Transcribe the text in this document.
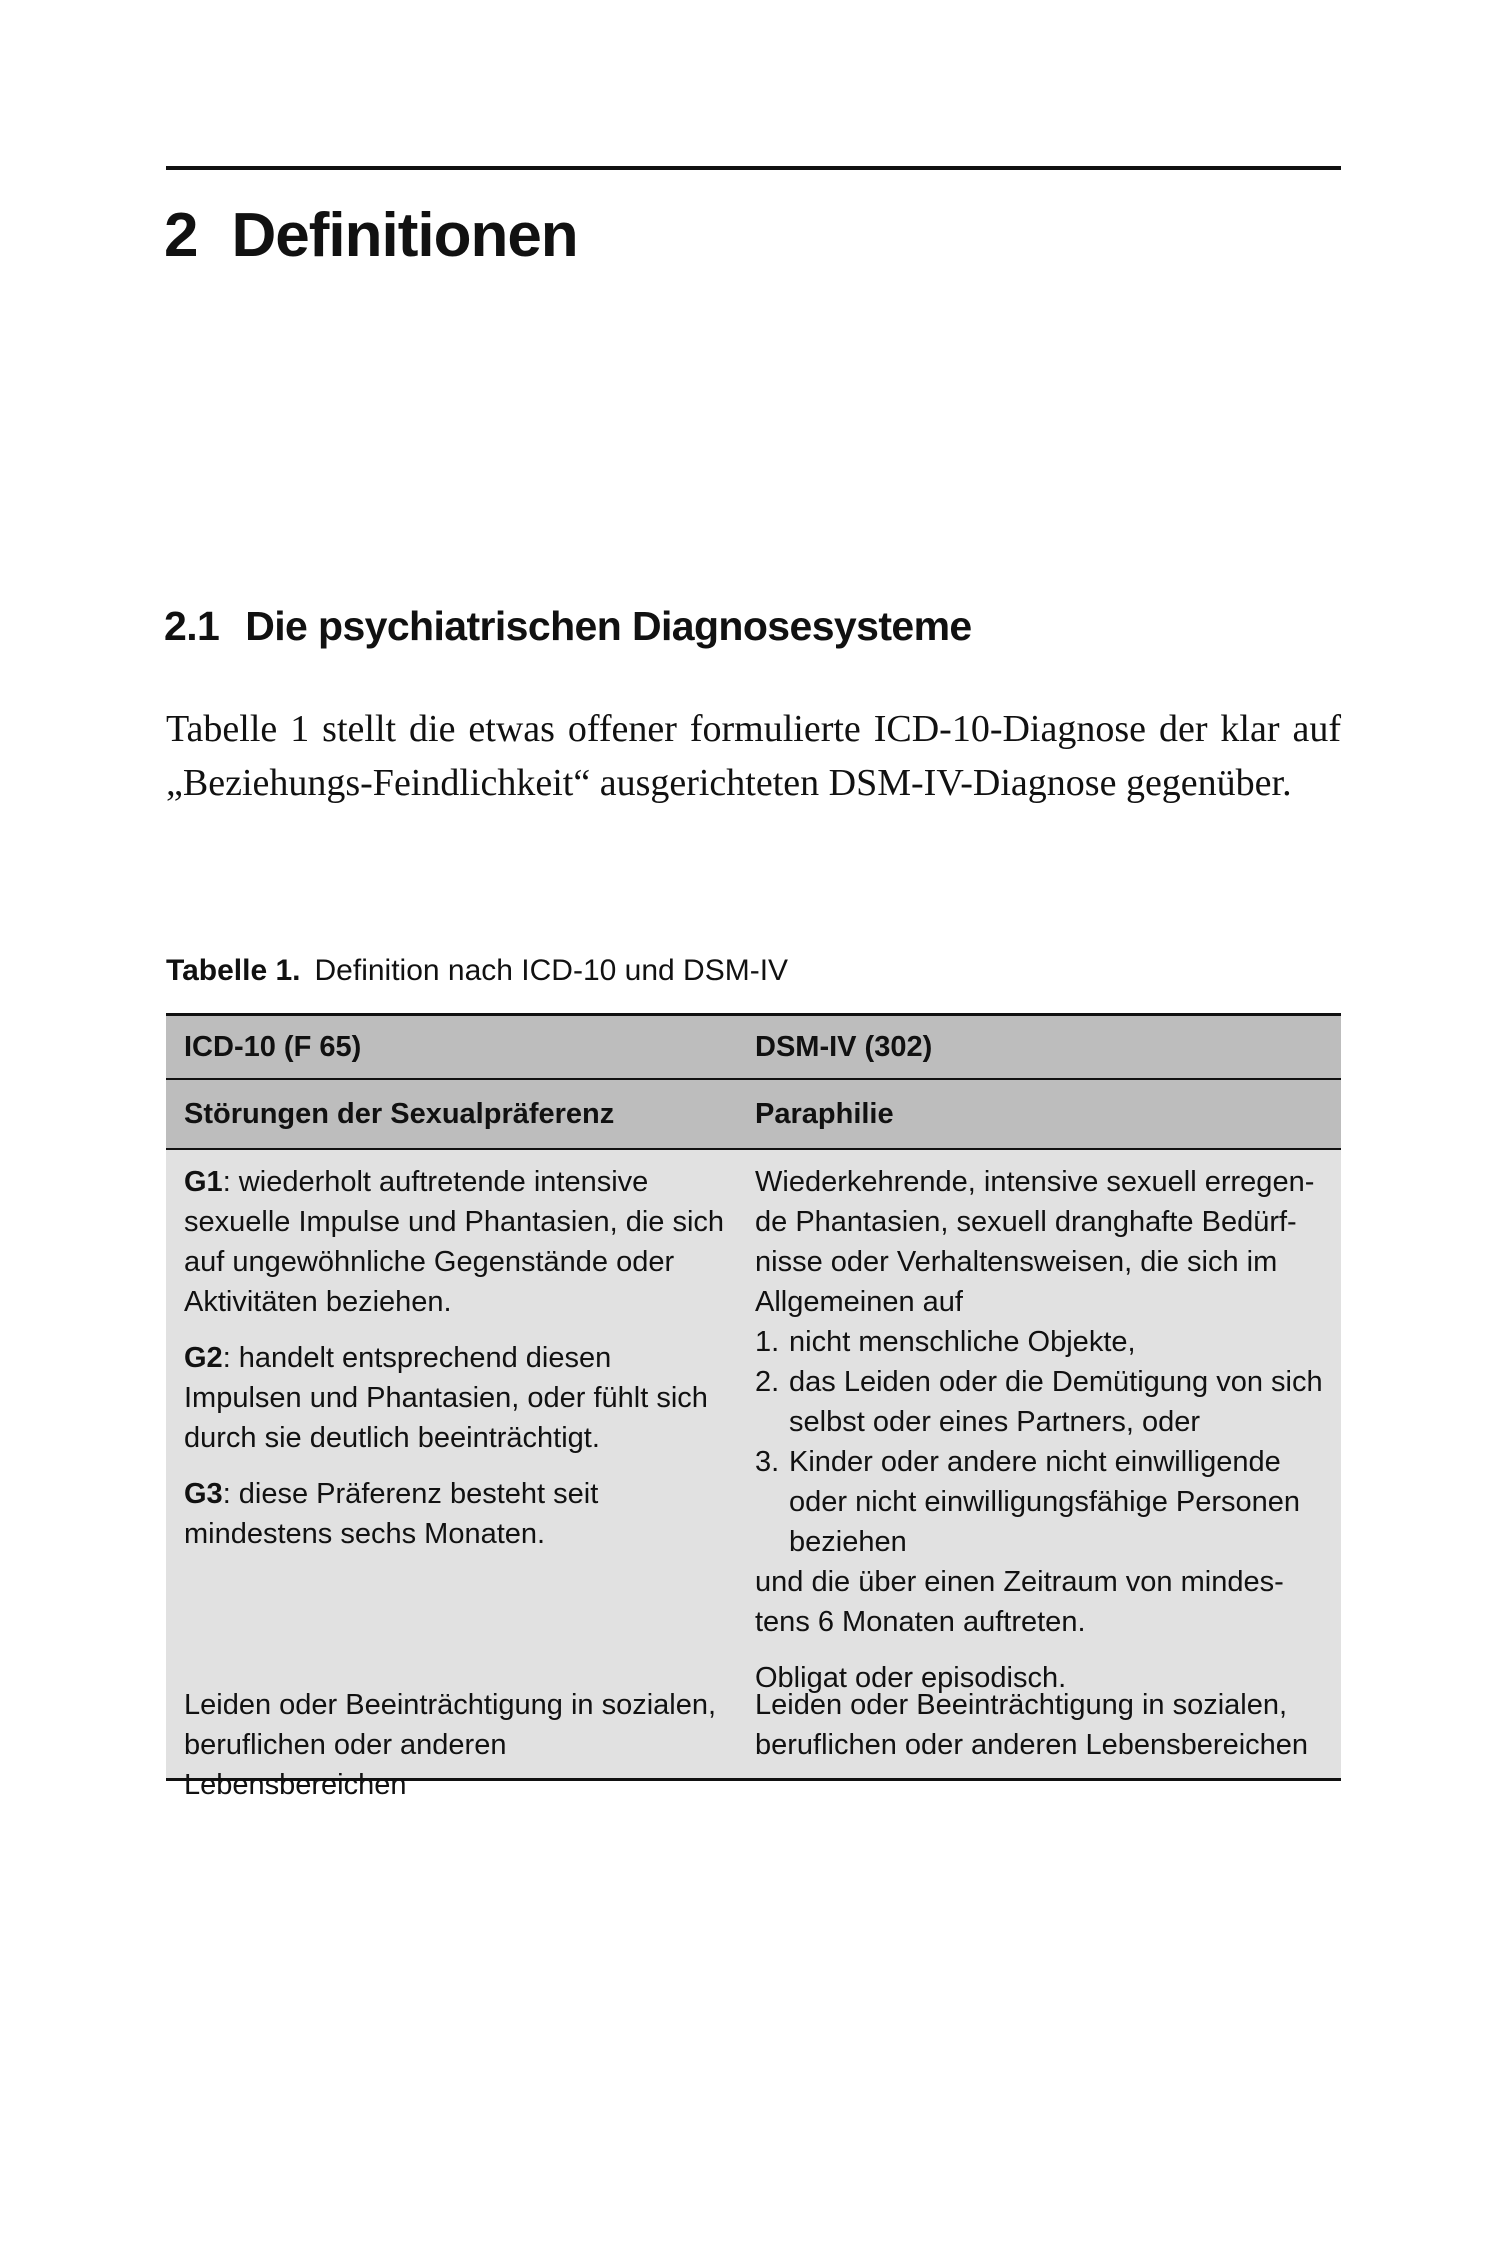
2 Definitionen
2.1 Die psychiatrischen Diagnosesysteme

Tabelle 1 stellt die etwas offener formulierte ICD-10-Diagnose der klar auf „Beziehungs-Feindlichkeit“ ausgerichteten DSM-IV-Diagnose gegenüber.

Tabelle 1. Definition nach ICD-10 und DSM-IV

ICD-10 (F 65)	DSM-IV (302)
Störungen der Sexualpräferenz	Paraphilie

G1: wiederholt auftretende intensive sexuelle Impulse und Phantasien, die sich auf ungewöhnliche Gegenstände oder Aktivitäten beziehen.

G2: handelt entsprechend diesen Impulsen und Phantasien, oder fühlt sich durch sie deutlich beeinträchtigt.

G3: diese Präferenz besteht seit mindestens sechs Monaten.

Wiederkehrende, intensive sexuell erregende Phantasien, sexuell dranghafte Bedürfnisse oder Verhaltensweisen, die sich im Allgemeinen auf

1. nicht menschliche Objekte,
2. das Leiden oder die Demütigung von sich selbst oder eines Partners, oder
3. Kinder oder andere nicht einwilligende oder nicht einwilligungsfähige Personen beziehen

und die über einen Zeitraum von mindestens 6 Monaten auftreten.

Obligat oder episodisch.

Leiden oder Beeinträchtigung in sozialen, beruflichen oder anderen Lebensbereichen
Leiden oder Beeinträchtigung in sozialen, beruflichen oder anderen Lebensbereichen
